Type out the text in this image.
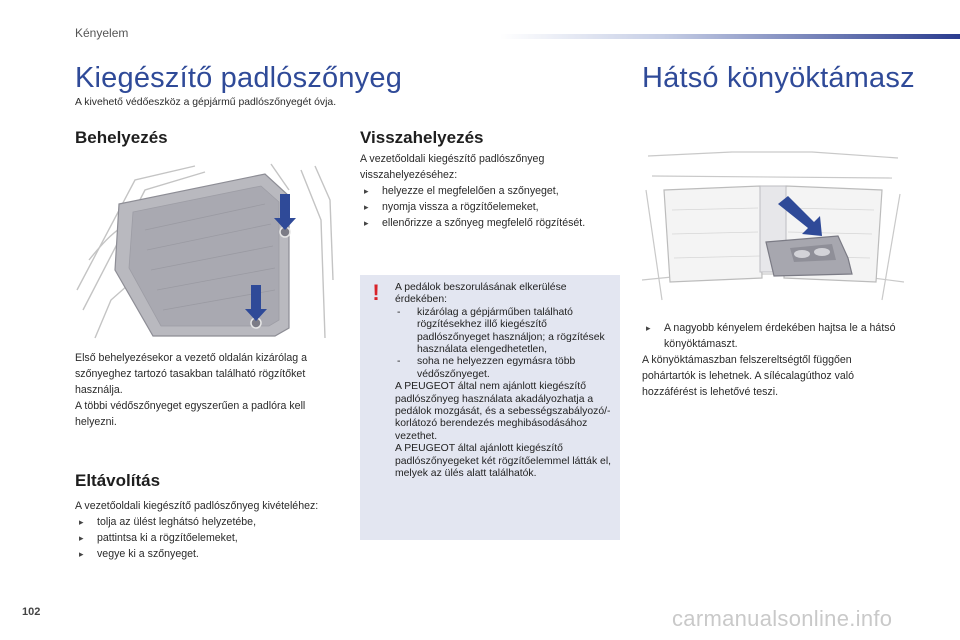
Kényelem
Kiegészítő padlószőnyeg
A kivehető védőeszköz a gépjármű padlószőnyegét óvja.
Behelyezés

Első behelyezésekor a vezető oldalán kizárólag a szőnyeghez tartozó tasakban található rögzítőket használja.

A többi védőszőnyeget egyszerűen a padlóra kell helyezni.

Eltávolítás

A vezetőoldali kiegészítő padlószőnyeg kivételéhez:

▸ tolja az ülést leghátsó helyzetébe,
▸ pattintsa ki a rögzítőelemeket,
▸ vegye ki a szőnyeget.
Visszahelyezés

A vezetőoldali kiegészítő padlószőnyeg visszahelyezéséhez:

▸ helyezze el megfelelően a szőnyeget,
▸ nyomja vissza a rögzítőelemeket,
▸ ellenőrizze a szőnyeg megfelelő rögzítését.
!	A pedálok beszorulásának elkerülése érdekében:

- kizárólag a gépjárműben található rögzítésekhez illő kiegészítő padlószőnyeget használjon; a rögzítések használata elengedhetetlen,
- soha ne helyezzen egymásra több védőszőnyeget.

A PEUGEOT által nem ajánlott kiegészítő padlószőnyeg használata akadályozhatja a pedálok mozgását, és a sebességszabályozó/-korlátozó berendezés meghibásodásához vezethet.

A PEUGEOT által ajánlott kiegészítő padlószőnyegeket két rögzítőelemmel látták el, melyek az ülés alatt találhatók.

Hátsó könyöktámasz
▸ A nagyobb kényelem érdekében hajtsa le a hátsó könyöktámaszt.

A könyöktámaszban felszereltségtől függően pohártartók is lehetnek. A sílécalagúthoz való hozzáférést is lehetővé teszi.

102	carmanualsonline.info
